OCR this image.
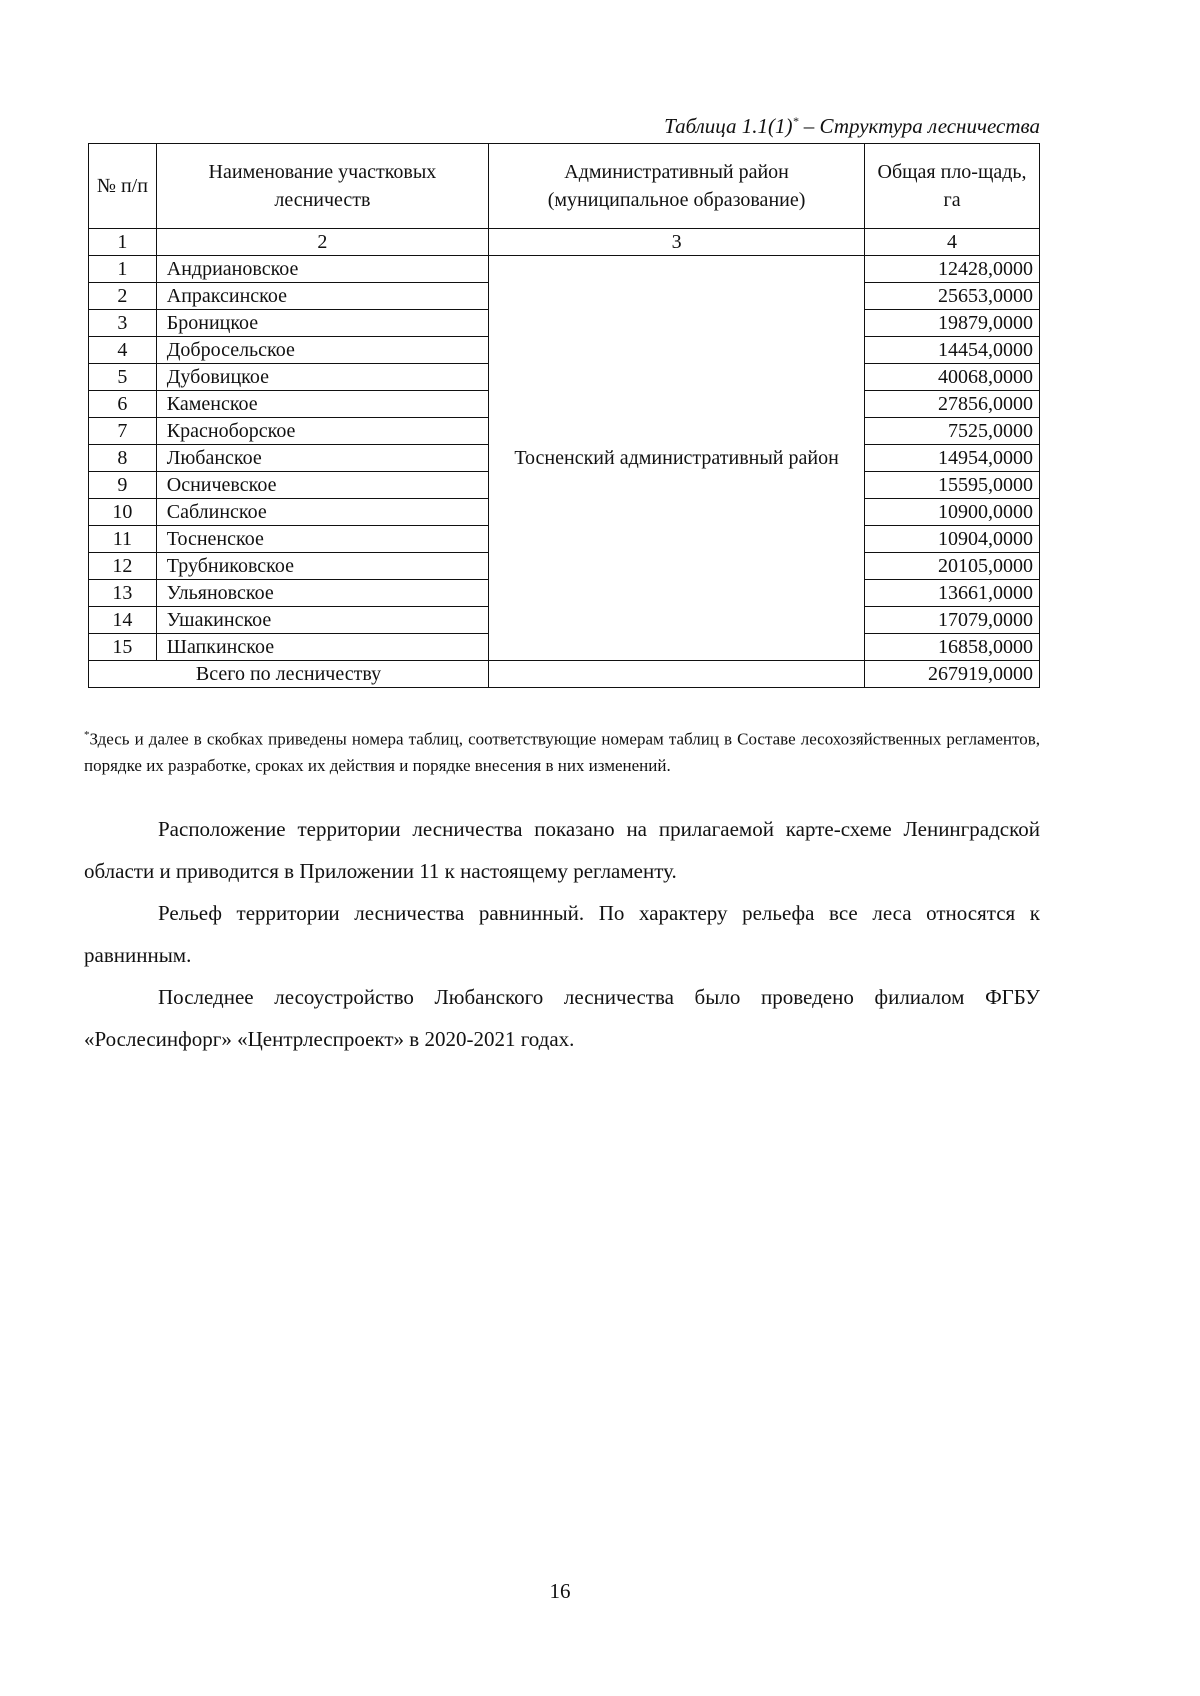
Таблица 1.1(1)* – Структура лесничества
№ п/п	Наименование участковых лесничеств	Административный район (муниципальное образование)	Общая пло-щадь, га
1	2	3	4
1	Андриановское	Тосненский административный район	12428,0000
2	Апраксинское		25653,0000
3	Броницкое		19879,0000
4	Добросельское		14454,0000
5	Дубовицкое		40068,0000
6	Каменское		27856,0000
7	Красноборское		7525,0000
8	Любанское		14954,0000
9	Осничевское		15595,0000
10	Саблинское		10900,0000
11	Тосненское		10904,0000
12	Трубниковское		20105,0000
13	Ульяновское		13661,0000
14	Ушакинское		17079,0000
15	Шапкинское		16858,0000
Всего по лесничеству			267919,0000
*Здесь и далее в скобках приведены номера таблиц, соответствующие номерам таблиц в Составе лесохозяйственных регламентов, порядке их разработке, сроках их действия и порядке внесения в них изменений.

Расположение территории лесничества показано на прилагаемой карте-схеме Ленинградской области и приводится в Приложении 11 к настоящему регламенту.

Рельеф территории лесничества равнинный. По характеру рельефа все леса относятся к равнинным.

Последнее лесоустройство Любанского лесничества было проведено филиалом ФГБУ «Рослесинфорг» «Центрлеспроект» в 2020-2021 годах.

16
